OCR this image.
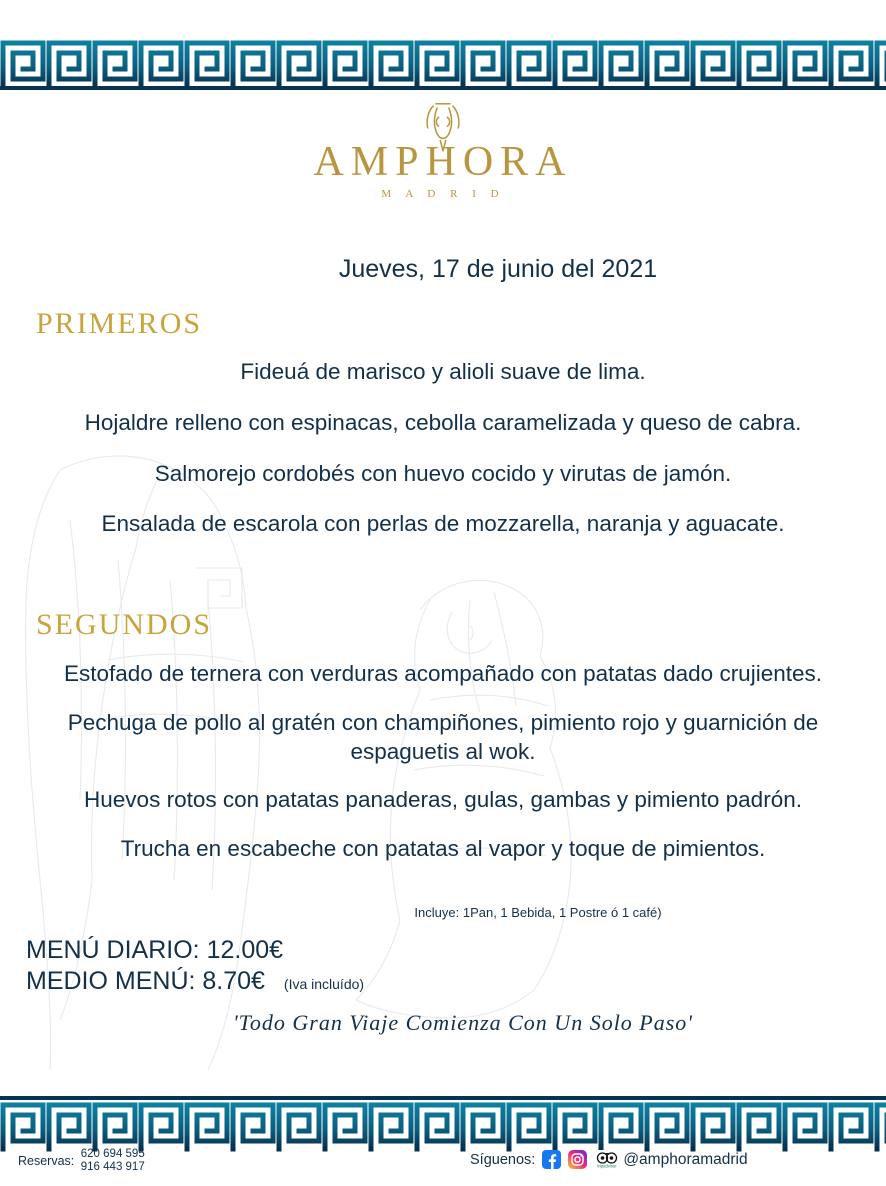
AMPHORA
M A D R I D
Jueves, 17 de junio del 2021
PRIMEROS
Fideuá de marisco y alioli suave de lima.
Hojaldre relleno con espinacas, cebolla caramelizada y queso de cabra.
Salmorejo cordobés con huevo cocido y virutas de jamón.
Ensalada de escarola con perlas de mozzarella, naranja y aguacate.
SEGUNDOS
Estofado de ternera con verduras acompañado con patatas dado crujientes.
Pechuga de pollo al gratén con champiñones, pimiento rojo y guarnición de espaguetis al wok.
Huevos rotos con patatas panaderas, gulas, gambas y pimiento padrón.
Trucha en escabeche con patatas al vapor y toque de pimientos.
Incluye: 1Pan, 1 Bebida, 1 Postre ó 1 café)
MENÚ DIARIO: 12.00€
MEDIO MENÚ: 8.70€ (Iva incluído)
'Todo Gran Viaje Comienza Con Un Solo Paso'
Reservas: 620 694 595
916 443 917	Síguenos:	tripadvisor @amphoramadrid
